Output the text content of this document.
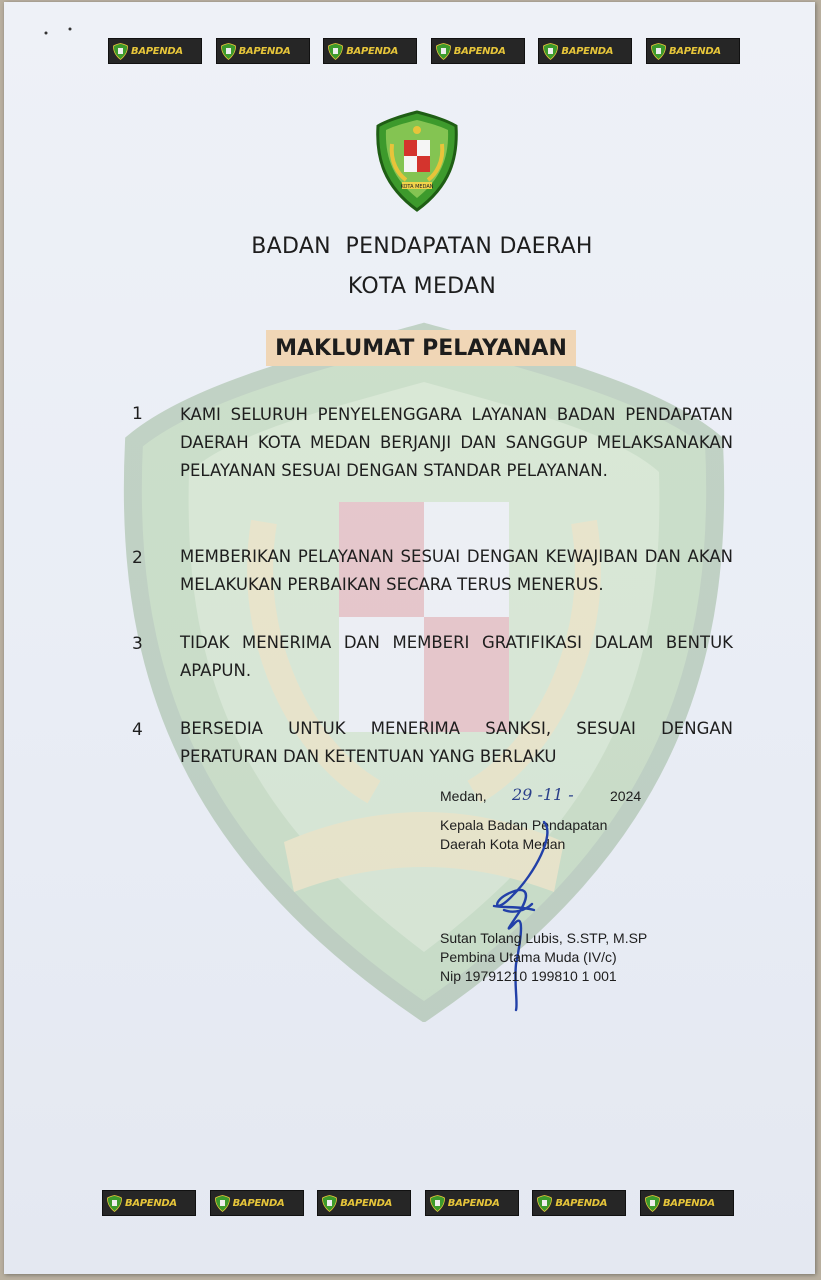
BAPENDA	BAPENDA	BAPENDA	BAPENDA	BAPENDA	BAPENDA
KOTA MEDAN
BADAN  PENDAPATAN DAERAH
KOTA MEDAN
MAKLUMAT PELAYANAN
1 KAMI SELURUH PENYELENGGARA LAYANAN BADAN PENDAPATAN DAERAH KOTA MEDAN BERJANJI DAN SANGGUP MELAKSANAKAN PELAYANAN SESUAI DENGAN STANDAR PELAYANAN.
2 MEMBERIKAN PELAYANAN SESUAI DENGAN KEWAJIBAN DAN AKAN MELAKUKAN PERBAIKAN SECARA TERUS MENERUS.
3 TIDAK MENERIMA DAN MEMBERI GRATIFIKASI DALAM BENTUK APAPUN.
4 BERSEDIA UNTUK MENERIMA SANKSI, SESUAI DENGAN PERATURAN DAN KETENTUAN YANG BERLAKU
Medan, 29 -11 -	2024
Kepala Badan Pendapatan
Daerah Kota Medan
Sutan Tolang Lubis, S.STP, M.SP
Pembina Utama Muda (IV/c)
Nip 19791210 199810 1 001
BAPENDA	BAPENDA	BAPENDA	BAPENDA	BAPENDA	BAPENDA
